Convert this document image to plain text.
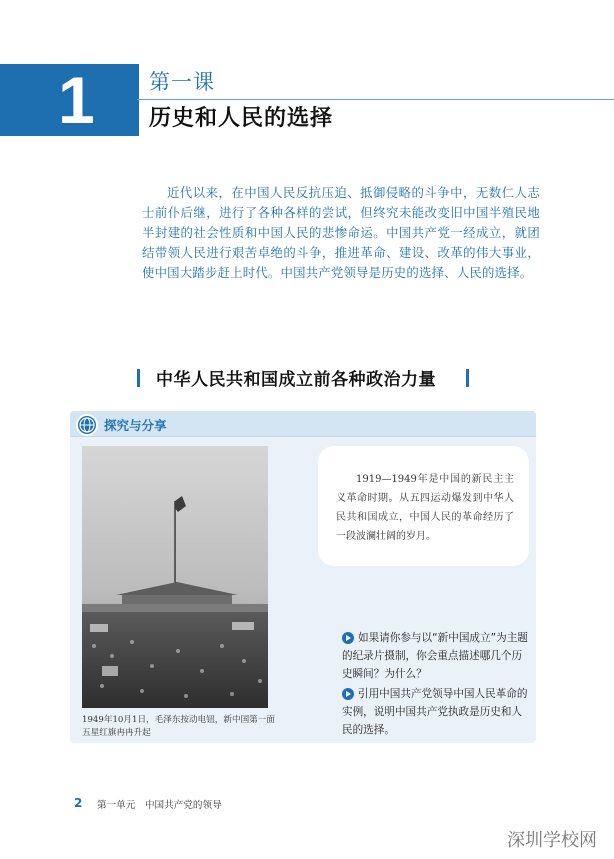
1	第一课
历史和人民的选择

近代以来，在中国人民反抗压迫、抵御侵略的斗争中，无数仁人志士前仆后继，进行了各种各样的尝试，但终究未能改变旧中国半殖民地半封建的社会性质和中国人民的悲惨命运。中国共产党一经成立，就团结带领人民进行艰苦卓绝的斗争，推进革命、建设、改革的伟大事业，使中国大踏步赶上时代。中国共产党领导是历史的选择、人民的选择。

中华人民共和国成立前各种政治力量
探究与分享

1949年10月1日，毛泽东按动电钮，新中国第一面五星红旗冉冉升起

1919—1949年是中国的新民主主义革命时期。从五四运动爆发到中华人民共和国成立，中国人民的革命经历了一段波澜壮阔的岁月。

如果请你参与以“新中国成立”为主题的纪录片摄制，你会重点描述哪几个历史瞬间？为什么？

引用中国共产党领导中国人民革命的实例，说明中国共产党执政是历史和人民的选择。

2 第一单元　中国共产党的领导
深圳学校网
